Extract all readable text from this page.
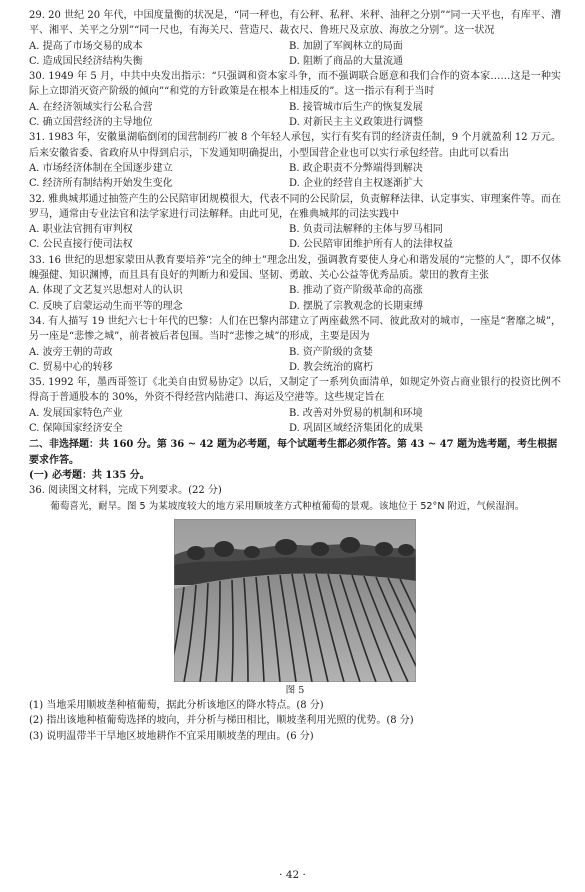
29. 20 世纪 20 年代，中国度量衡的状况是，“同一秤也，有公秤、私秤、米秤、油秤之分别”“同一天平也，有库平、漕平、湘平、关平之分别”“同一尺也，有海关尺、营造尺、裁衣尺、鲁班尺及京放、海放之分别”。这一状况
A. 提高了市场交易的成本	B. 加剧了军阀林立的局面
C. 造成国民经济结构失衡	D. 阻断了商品的大量流通
30. 1949 年 5 月，中共中央发出指示：“只强调和资本家斗争，而不强调联合愿意和我们合作的资本家……这是一种实际上立即消灭资产阶级的倾向”“和党的方针政策是在根本上相违反的”。这一指示有利于当时
A. 在经济领域实行公私合营	B. 接管城市后生产的恢复发展
C. 确立国营经济的主导地位	D. 对新民主主义政策进行调整
31. 1983 年，安徽巢湖临倒闭的国营制药厂被 8 个年轻人承包，实行有奖有罚的经济责任制，9 个月就盈利 12 万元。后来安徽省委、省政府从中得到启示，下发通知明确提出，小型国营企业也可以实行承包经营。由此可以看出
A. 市场经济体制在全国逐步建立	B. 政企职责不分弊端得到解决
C. 经济所有制结构开始发生变化	D. 企业的经营自主权逐渐扩大
32. 雅典城邦通过抽签产生的公民陪审团规模很大，代表不同的公民阶层，负责解释法律、认定事实、审理案件等。而在罗马，通常由专业法官和法学家进行司法解释。由此可见，在雅典城邦的司法实践中
A. 职业法官拥有审判权	B. 负责司法解释的主体与罗马相同
C. 公民直接行使司法权	D. 公民陪审团维护所有人的法律权益
33. 16 世纪的思想家蒙田从教育要培养“完全的绅士”理念出发，强调教育要使人身心和谐发展的“完整的人”，即不仅体魄强健、知识渊博，而且具有良好的判断力和爱国、坚韧、勇敢、关心公益等优秀品质。蒙田的教育主张
A. 体现了文艺复兴思想对人的认识	B. 推动了资产阶级革命的高涨
C. 反映了启蒙运动生而平等的理念	D. 摆脱了宗教观念的长期束缚
34. 有人描写 19 世纪六七十年代的巴黎：人们在巴黎内部建立了两座截然不同、彼此敌对的城市，一座是“奢靡之城”，另一座是“悲惨之城”，前者被后者包围。当时“悲惨之城”的形成，主要是因为
A. 波旁王朝的苛政	B. 资产阶级的贪婪
C. 贸易中心的转移	D. 教会统治的腐朽
35. 1992 年，墨西哥签订《北美自由贸易协定》以后，又制定了一系列负面清单，如规定外资占商业银行的投资比例不得高于普通股本的 30%，外资不得经营内陆港口、海运及空港等。这些规定旨在
A. 发展国家特色产业	B. 改善对外贸易的机制和环境
C. 保障国家经济安全	D. 巩固区域经济集团化的成果
二、非选择题：共 160 分。第 36 ~ 42 题为必考题，每个试题考生都必须作答。第 43 ~ 47 题为选考题，考生根据要求作答。
(一) 必考题：共 135 分。
36. 阅读图文材料，完成下列要求。(22 分)
葡萄喜光，耐旱。图 5 为某坡度较大的地方采用顺坡垄方式种植葡萄的景观。该地位于 52°N 附近，气候湿润。
图 5
(1) 当地采用顺坡垄种植葡萄，据此分析该地区的降水特点。(8 分)
(2) 指出该地种植葡萄选择的坡向，并分析与梯田相比，顺坡垄利用光照的优势。(8 分)
(3) 说明温带半干旱地区坡地耕作不宜采用顺坡垄的理由。(6 分)
· 42 ·
